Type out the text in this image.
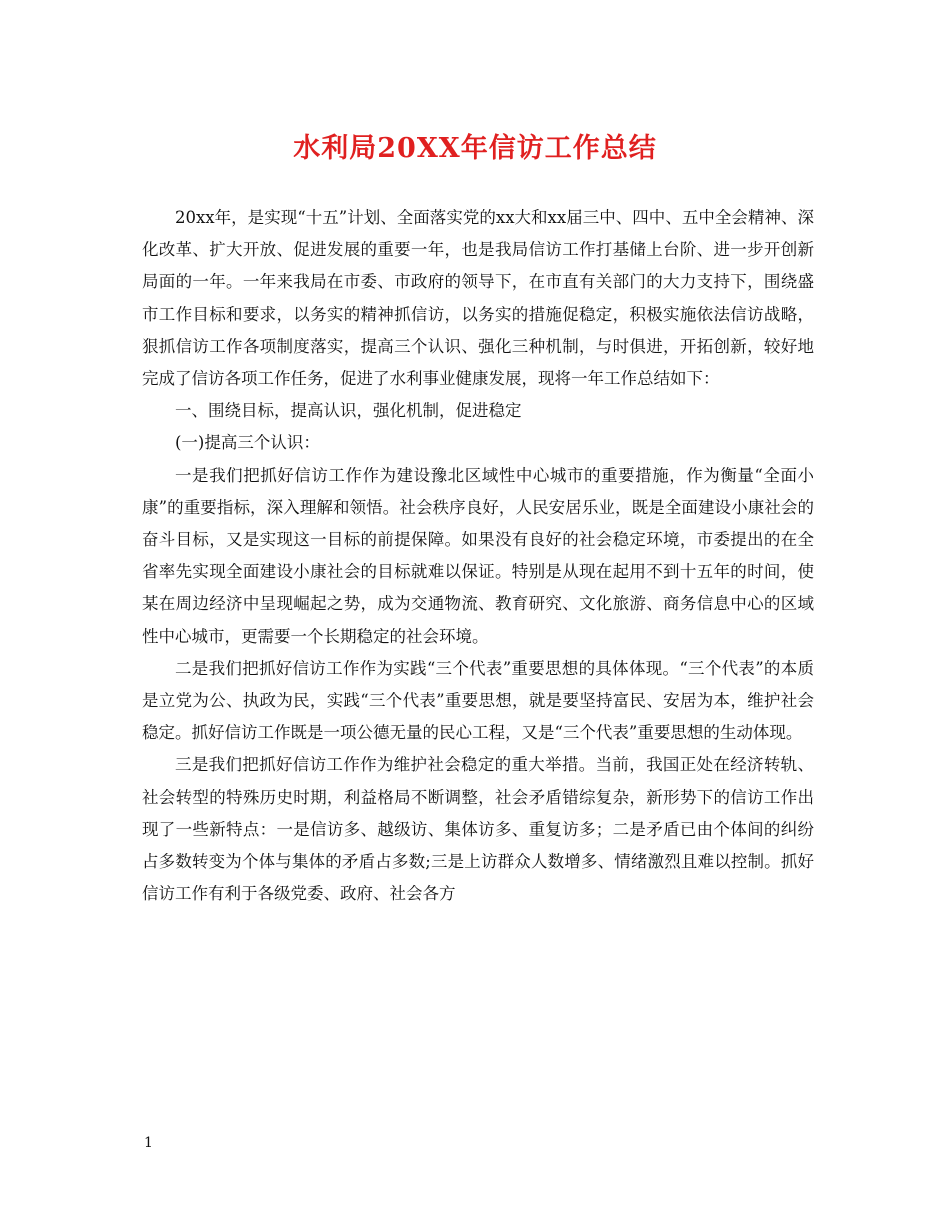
水利局20XX年信访工作总结

20xx年，是实现“十五”计划、全面落实党的xx大和xx届三中、四中、五中全会精神、深化改革、扩大开放、促进发展的重要一年，也是我局信访工作打基储上台阶、进一步开创新局面的一年。一年来我局在市委、市政府的领导下，在市直有关部门的大力支持下，围绕盛市工作目标和要求，以务实的精神抓信访，以务实的措施促稳定，积极实施依法信访战略，狠抓信访工作各项制度落实，提高三个认识、强化三种机制，与时俱进，开拓创新，较好地完成了信访各项工作任务，促进了水利事业健康发展，现将一年工作总结如下：

一、围绕目标，提高认识，强化机制，促进稳定

(一)提高三个认识：

一是我们把抓好信访工作作为建设豫北区域性中心城市的重要措施，作为衡量“全面小康”的重要指标，深入理解和领悟。社会秩序良好，人民安居乐业，既是全面建设小康社会的奋斗目标，又是实现这一目标的前提保障。如果没有良好的社会稳定环境，市委提出的在全省率先实现全面建设小康社会的目标就难以保证。特别是从现在起用不到十五年的时间，使某在周边经济中呈现崛起之势，成为交通物流、教育研究、文化旅游、商务信息中心的区域性中心城市，更需要一个长期稳定的社会环境。

二是我们把抓好信访工作作为实践“三个代表”重要思想的具体体现。“三个代表”的本质是立党为公、执政为民，实践“三个代表”重要思想，就是要坚持富民、安居为本，维护社会稳定。抓好信访工作既是一项公德无量的民心工程，又是“三个代表”重要思想的生动体现。

三是我们把抓好信访工作作为维护社会稳定的重大举措。当前，我国正处在经济转轨、社会转型的特殊历史时期，利益格局不断调整，社会矛盾错综复杂，新形势下的信访工作出现了一些新特点：一是信访多、越级访、集体访多、重复访多；二是矛盾已由个体间的纠纷占多数转变为个体与集体的矛盾占多数;三是上访群众人数增多、情绪激烈且难以控制。抓好信访工作有利于各级党委、政府、社会各方

1
